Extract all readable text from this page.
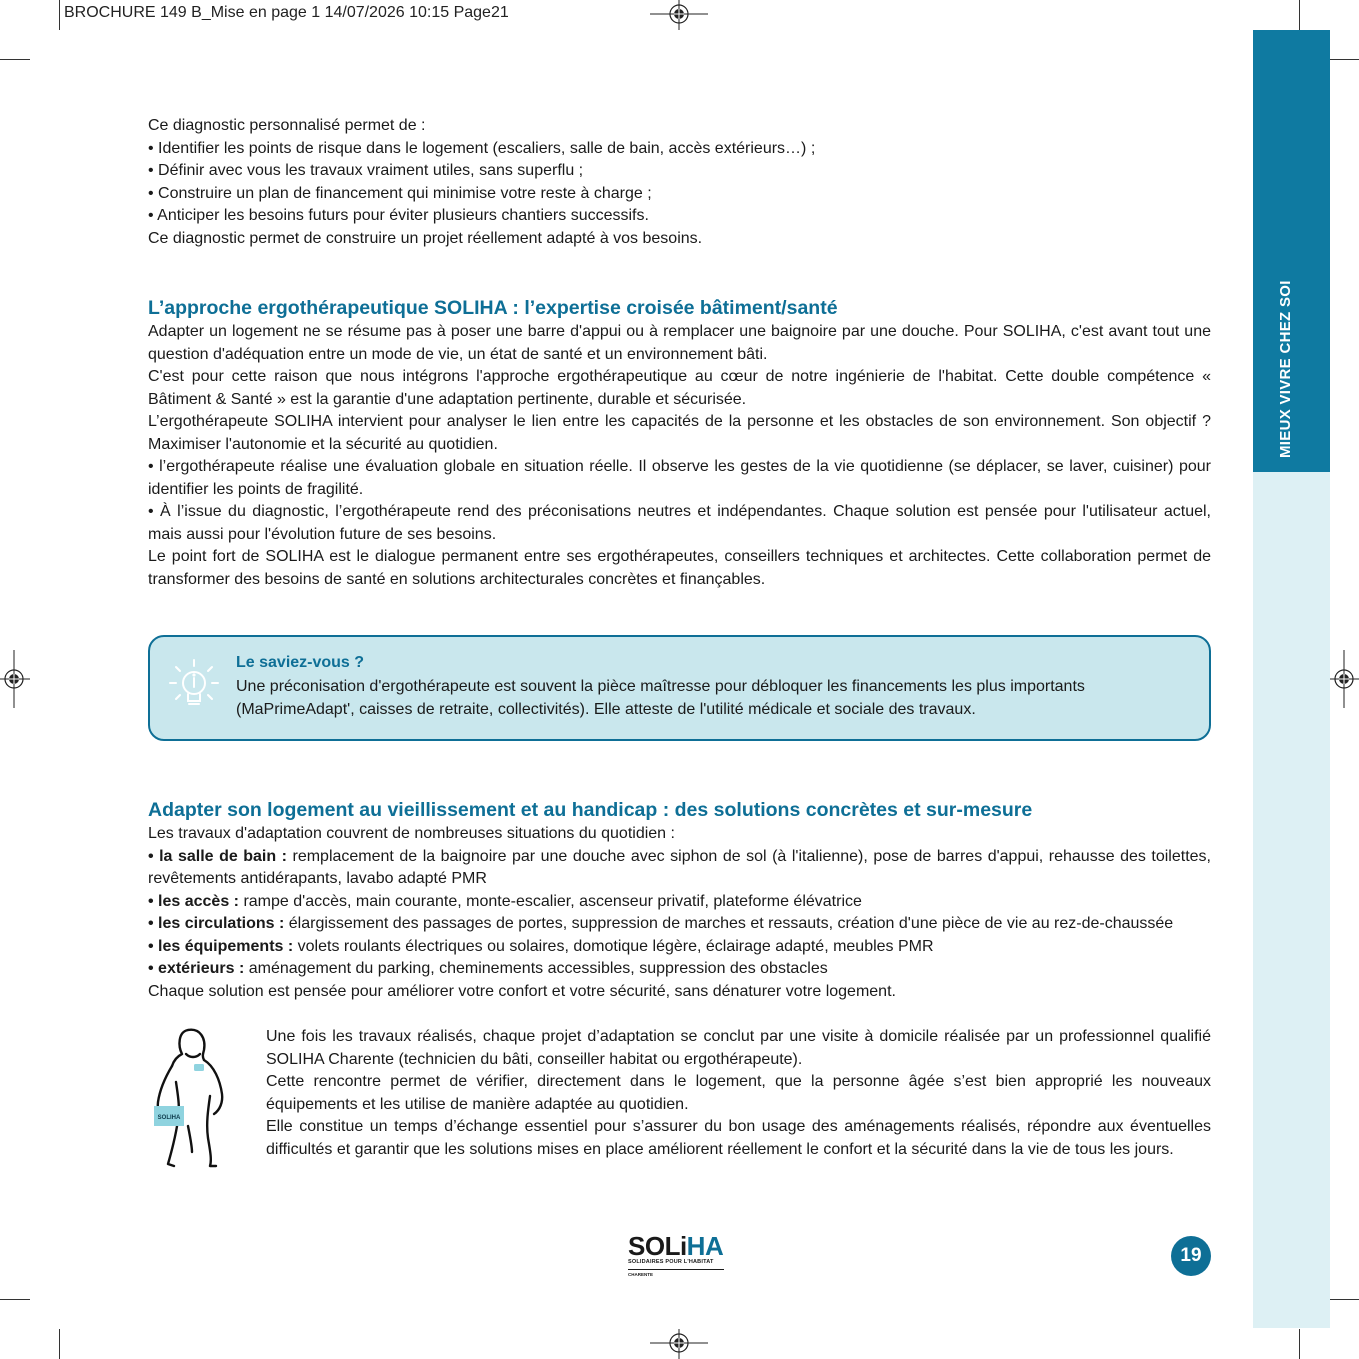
BROCHURE 149 B_Mise en page 1 14/07/2026 10:15 Page21

Ce diagnostic personnalisé permet de :

• Identifier les points de risque dans le logement (escaliers, salle de bain, accès extérieurs…) ;

• Définir avec vous les travaux vraiment utiles, sans superflu ;

• Construire un plan de financement qui minimise votre reste à charge ;

• Anticiper les besoins futurs pour éviter plusieurs chantiers successifs.

Ce diagnostic permet de construire un projet réellement adapté à vos besoins.

L’approche ergothérapeutique SOLIHA : l’expertise croisée bâtiment/santé

Adapter un logement ne se résume pas à poser une barre d'appui ou à remplacer une baignoire par une douche. Pour SOLIHA, c'est avant tout une question d'adéquation entre un mode de vie, un état de santé et un environnement bâti.

C'est pour cette raison que nous intégrons l'approche ergothérapeutique au cœur de notre ingénierie de l'habitat. Cette double compétence « Bâtiment & Santé » est la garantie d'une adaptation pertinente, durable et sécurisée.

L’ergothérapeute SOLIHA intervient pour analyser le lien entre les capacités de la personne et les obstacles de son environnement. Son objectif ? Maximiser l'autonomie et la sécurité au quotidien.

• l’ergothérapeute réalise une évaluation globale en situation réelle. Il observe les gestes de la vie quotidienne (se déplacer, se laver, cuisiner) pour identifier les points de fragilité.

• À l’issue du diagnostic, l’ergothérapeute rend des préconisations neutres et indépendantes. Chaque solution est pensée pour l'utilisateur actuel, mais aussi pour l'évolution future de ses besoins.

Le point fort de SOLIHA est le dialogue permanent entre ses ergothérapeutes, conseillers techniques et architectes. Cette collaboration permet de transformer des besoins de santé en solutions architecturales concrètes et finançables.

Le saviez-vous ?
Une préconisation d'ergothérapeute est souvent la pièce maîtresse pour débloquer les financements les plus importants (MaPrimeAdapt', caisses de retraite, collectivités). Elle atteste de l'utilité médicale et sociale des travaux.
Adapter son logement au vieillissement et au handicap : des solutions concrètes et sur-mesure

Les travaux d'adaptation couvrent de nombreuses situations du quotidien :

• la salle de bain : remplacement de la baignoire par une douche avec siphon de sol (à l'italienne), pose de barres d'appui, rehausse des toilettes, revêtements antidérapants, lavabo adapté PMR

• les accès : rampe d'accès, main courante, monte-escalier, ascenseur privatif, plateforme élévatrice

• les circulations : élargissement des passages de portes, suppression de marches et ressauts, création d'une pièce de vie au rez-de-chaussée

• les équipements : volets roulants électriques ou solaires, domotique légère, éclairage adapté, meubles PMR

• extérieurs : aménagement du parking, cheminements accessibles, suppression des obstacles

Chaque solution est pensée pour améliorer votre confort et votre sécurité, sans dénaturer votre logement.

SOLIHA

Une fois les travaux réalisés, chaque projet d’adaptation se conclut par une visite à domicile réalisée par un professionnel qualifié SOLIHA Charente (technicien du bâti, conseiller habitat ou ergothérapeute).

Cette rencontre permet de vérifier, directement dans le logement, que la personne âgée s’est bien approprié les nouveaux équipements et les utilise de manière adaptée au quotidien.

Elle constitue un temps d’échange essentiel pour s’assurer du bon usage des aménagements réalisés, répondre aux éventuelles difficultés et garantir que les solutions mises en place améliorent réellement le confort et la sécurité dans la vie de tous les jours.

SOLiHA
SOLIDAIRES POUR L'HABITAT
CHARENTE
19
